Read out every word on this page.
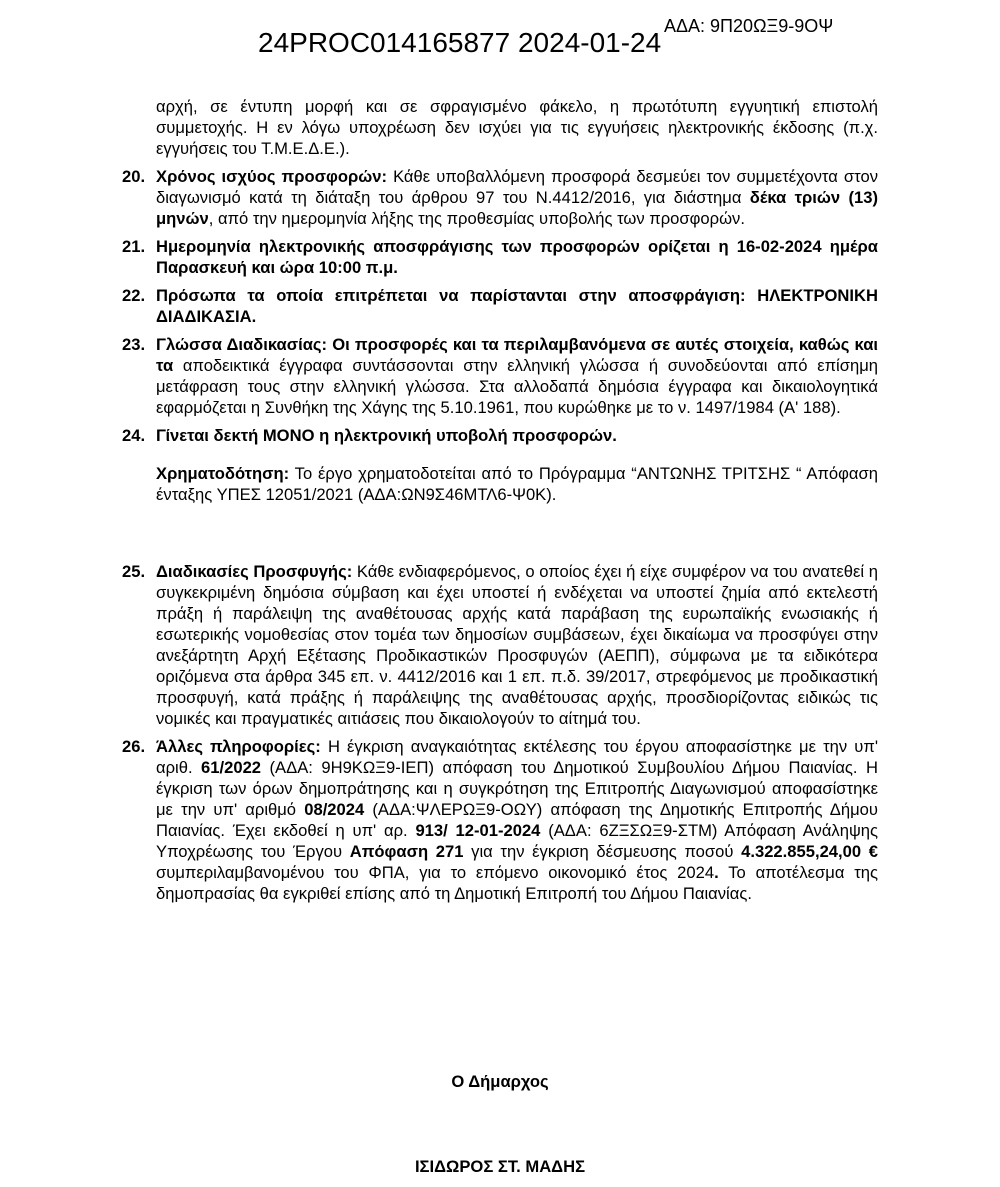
24PROC014165877 2024-01-24
ΑΔΑ: 9Π20ΩΞ9-9ΟΨ

αρχή, σε έντυπη μορφή και σε σφραγισμένο φάκελο, η πρωτότυπη εγγυητική επιστολή συμμετοχής. Η εν λόγω υποχρέωση δεν ισχύει για τις εγγυήσεις ηλεκτρονικής έκδοσης (π.χ. εγγυήσεις του Τ.Μ.Ε.Δ.Ε.).

20. Χρόνος ισχύος προσφορών: Κάθε υποβαλλόμενη προσφορά δεσμεύει τον συμμετέχοντα στον διαγωνισμό κατά τη διάταξη του άρθρου 97 του Ν.4412/2016, για διάστημα δέκα τριών (13) μηνών, από την ημερομηνία λήξης της προθεσμίας υποβολής των προσφορών.
21. Ημερομηνία ηλεκτρονικής αποσφράγισης των προσφορών ορίζεται η 16-02-2024 ημέρα Παρασκευή και ώρα 10:00 π.μ.
22. Πρόσωπα τα οποία επιτρέπεται να παρίστανται στην αποσφράγιση: ΗΛΕΚΤΡΟΝΙΚΗ ΔΙΑΔΙΚΑΣΙΑ.
23. Γλώσσα Διαδικασίας: Οι προσφορές και τα περιλαμβανόμενα σε αυτές στοιχεία, καθώς και τα αποδεικτικά έγγραφα συντάσσονται στην ελληνική γλώσσα ή συνοδεύονται από επίσημη μετάφραση τους στην ελληνική γλώσσα. Στα αλλοδαπά δημόσια έγγραφα και δικαιολογητικά εφαρμόζεται η Συνθήκη της Χάγης της 5.10.1961, που κυρώθηκε με το ν. 1497/1984 (Α' 188).
24. Γίνεται δεκτή ΜΟΝΟ η ηλεκτρονική υποβολή προσφορών.

Χρηματοδότηση: Το έργο χρηματοδοτείται από το Πρόγραμμα “ΑΝΤΩΝΗΣ ΤΡΙΤΣΗΣ “ Απόφαση ένταξης ΥΠΕΣ 12051/2021 (ΑΔΑ:ΩΝ9Σ46ΜΤΛ6-Ψ0Κ).

25. Διαδικασίες Προσφυγής: Κάθε ενδιαφερόμενος, ο οποίος έχει ή είχε συμφέρον να του ανατεθεί η συγκεκριμένη δημόσια σύμβαση και έχει υποστεί ή ενδέχεται να υποστεί ζημία από εκτελεστή πράξη ή παράλειψη της αναθέτουσας αρχής κατά παράβαση της ευρωπαϊκής ενωσιακής ή εσωτερικής νομοθεσίας στον τομέα των δημοσίων συμβάσεων, έχει δικαίωμα να προσφύγει στην ανεξάρτητη Αρχή Εξέτασης Προδικαστικών Προσφυγών (ΑΕΠΠ), σύμφωνα με τα ειδικότερα οριζόμενα στα άρθρα 345 επ. ν. 4412/2016 και 1 επ. π.δ. 39/2017, στρεφόμενος με προδικαστική προσφυγή, κατά πράξης ή παράλειψης της αναθέτουσας αρχής, προσδιορίζοντας ειδικώς τις νομικές και πραγματικές αιτιάσεις που δικαιολογούν το αίτημά του.
26. Άλλες πληροφορίες: Η έγκριση αναγκαιότητας εκτέλεσης του έργου αποφασίστηκε με την υπ' αριθ. 61/2022 (ΑΔΑ: 9Η9ΚΩΞ9-ΙΕΠ) απόφαση του Δημοτικού Συμβουλίου Δήμου Παιανίας. Η έγκριση των όρων δημοπράτησης και η συγκρότηση της Επιτροπής Διαγωνισμού αποφασίστηκε με την υπ' αριθμό 08/2024 (ΑΔΑ:ΨΛΕΡΩΞ9-ΟΩΥ) απόφαση της Δημοτικής Επιτροπής Δήμου Παιανίας. Έχει εκδοθεί η υπ' αρ. 913/ 12-01-2024 (ΑΔΑ: 6ΖΞΣΩΞ9-ΣΤΜ) Απόφαση Ανάληψης Υποχρέωσης του Έργου Απόφαση 271 για την έγκριση δέσμευσης ποσού 4.322.855,24,00 € συμπεριλαμβανομένου του ΦΠΑ, για το επόμενο οικονομικό έτος 2024. Το αποτέλεσμα της δημοπρασίας θα εγκριθεί επίσης από τη Δημοτική Επιτροπή του Δήμου Παιανίας.
Ο Δήμαρχος
ΙΣΙΔΩΡΟΣ ΣΤ. ΜΑΔΗΣ
